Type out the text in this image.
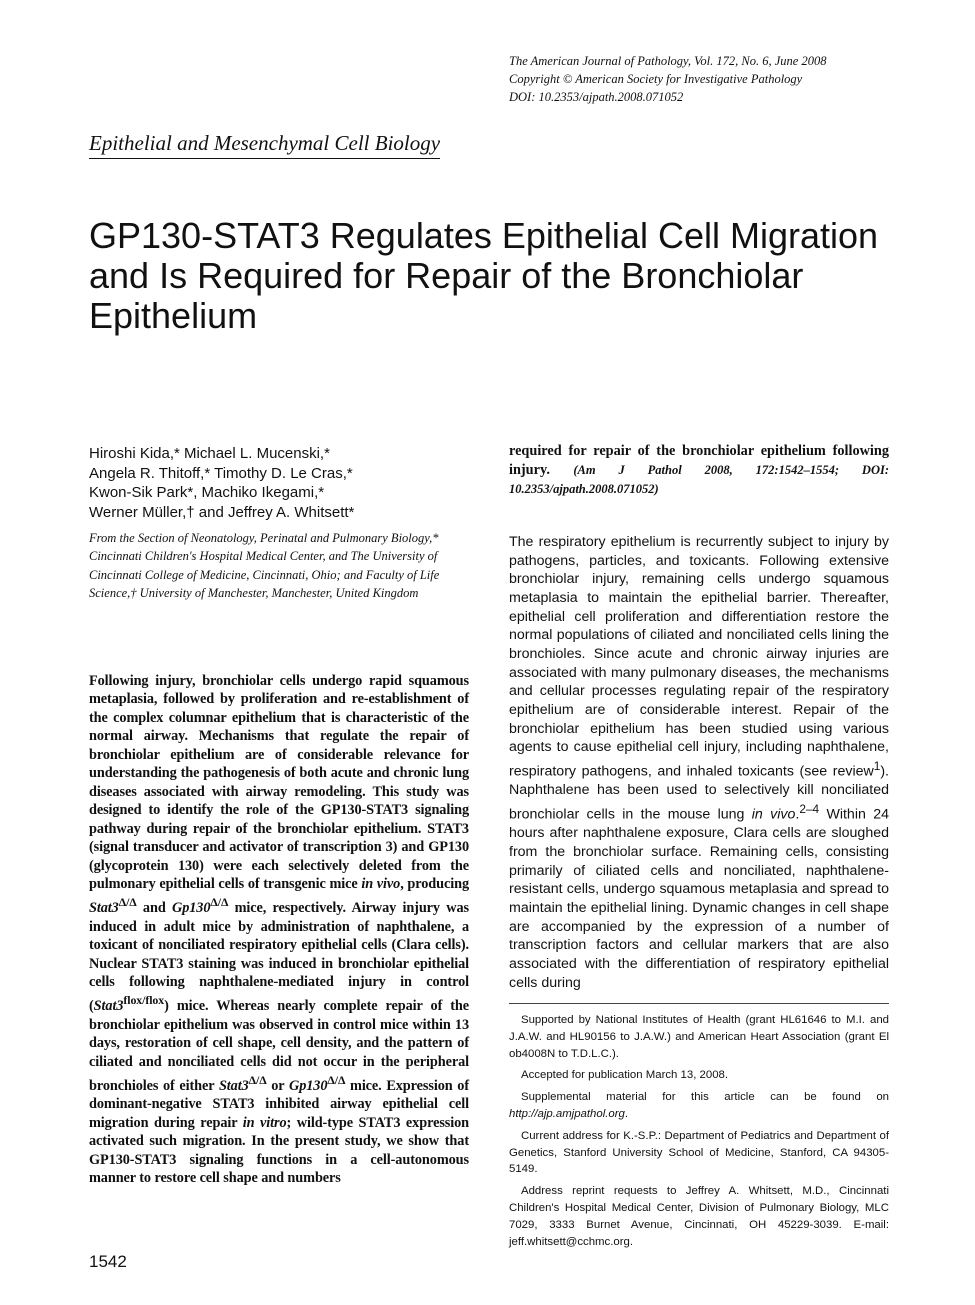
The American Journal of Pathology, Vol. 172, No. 6, June 2008
Copyright © American Society for Investigative Pathology
DOI: 10.2353/ajpath.2008.071052
Epithelial and Mesenchymal Cell Biology
GP130-STAT3 Regulates Epithelial Cell Migration and Is Required for Repair of the Bronchiolar Epithelium

Hiroshi Kida,* Michael L. Mucenski,*

Angela R. Thitoff,* Timothy D. Le Cras,*

Kwon-Sik Park*, Machiko Ikegami,*

Werner Müller,† and Jeffrey A. Whitsett*

From the Section of Neonatology, Perinatal and Pulmonary Biology,* Cincinnati Children's Hospital Medical Center, and The University of Cincinnati College of Medicine, Cincinnati, Ohio; and Faculty of Life Science,† University of Manchester, Manchester, United Kingdom

Following injury, bronchiolar cells undergo rapid squamous metaplasia, followed by proliferation and re-establishment of the complex columnar epithelium that is characteristic of the normal airway. Mechanisms that regulate the repair of bronchiolar epithelium are of considerable relevance for understanding the pathogenesis of both acute and chronic lung diseases associated with airway remodeling. This study was designed to identify the role of the GP130-STAT3 signaling pathway during repair of the bronchiolar epithelium. STAT3 (signal transducer and activator of transcription 3) and GP130 (glycoprotein 130) were each selectively deleted from the pulmonary epithelial cells of transgenic mice in vivo, producing $Stat3^{\Delta/\Delta}$ and $Gp130^{\Delta/\Delta}$ mice, respectively. Airway injury was induced in adult mice by administration of naphthalene, a toxicant of nonciliated respiratory epithelial cells (Clara cells). Nuclear STAT3 staining was induced in bronchiolar epithelial cells following naphthalene-mediated injury in control $(Stat3^{flox/flox})$ mice. Whereas nearly complete repair of the bronchiolar epithelium was observed in control mice within 13 days, restoration of cell shape, cell density, and the pattern of ciliated and nonciliated cells did not occur in the peripheral bronchioles of either $Stat3^{\Delta/\Delta}$ or $Gp130^{\Delta/\Delta}$ mice. Expression of dominant-negative STAT3 inhibited airway epithelial cell migration during repair in vitro; wild-type STAT3 expression activated such migration. In the present study, we show that GP130-STAT3 signaling functions in a cell-autonomous manner to restore cell shape and numbers

required for repair of the bronchiolar epithelium following injury. (Am J Pathol 2008, 172:1542–1554; DOI: 10.2353/ajpath.2008.071052)

The respiratory epithelium is recurrently subject to injury by pathogens, particles, and toxicants. Following extensive bronchiolar injury, remaining cells undergo squamous metaplasia to maintain the epithelial barrier. Thereafter, epithelial cell proliferation and differentiation restore the normal populations of ciliated and nonciliated cells lining the bronchioles. Since acute and chronic airway injuries are associated with many pulmonary diseases, the mechanisms and cellular processes regulating repair of the respiratory epithelium are of considerable interest. Repair of the bronchiolar epithelium has been studied using various agents to cause epithelial cell injury, including naphthalene, respiratory pathogens, and inhaled toxicants (see review$^1$). Naphthalene has been used to selectively kill nonciliated bronchiolar cells in the mouse lung in vivo.$^{2-4}$ Within 24 hours after naphthalene exposure, Clara cells are sloughed from the bronchiolar surface. Remaining cells, consisting primarily of ciliated cells and nonciliated, naphthalene-resistant cells, undergo squamous metaplasia and spread to maintain the epithelial lining. Dynamic changes in cell shape are accompanied by the expression of a number of transcription factors and cellular markers that are also associated with the differentiation of respiratory epithelial cells during

Supported by National Institutes of Health (grant HL61646 to M.I. and J.A.W. and HL90156 to J.A.W.) and American Heart Association (grant El ob4008N to T.D.L.C.).

Accepted for publication March 13, 2008.

Supplemental material for this article can be found on http://ajp.amjpathol.org.

Current address for K.-S.P.: Department of Pediatrics and Department of Genetics, Stanford University School of Medicine, Stanford, CA 94305-5149.

Address reprint requests to Jeffrey A. Whitsett, M.D., Cincinnati Children's Hospital Medical Center, Division of Pulmonary Biology, MLC 7029, 3333 Burnet Avenue, Cincinnati, OH 45229-3039. E-mail: jeff.whitsett@cchmc.org.

1542
